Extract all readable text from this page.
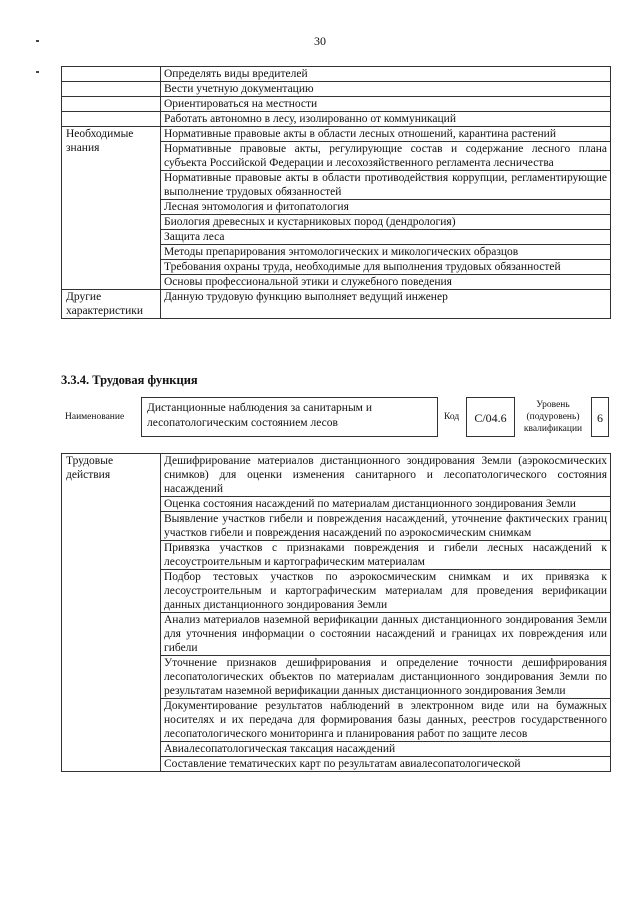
30
	Определять виды вредителей
	Вести учетную документацию
	Ориентироваться на местности
	Работать автономно в лесу, изолированно от коммуникаций
Необходимые знания	Нормативные правовые акты в области лесных отношений, карантина растений
	Нормативные правовые акты, регулирующие состав и содержание лесного плана субъекта Российской Федерации и лесохозяйственного регламента лесничества
	Нормативные правовые акты в области противодействия коррупции, регламентирующие выполнение трудовых обязанностей
	Лесная энтомология и фитопатология
	Биология древесных и кустарниковых пород (дендрология)
	Защита леса
	Методы препарирования энтомологических и микологических образцов
	Требования охраны труда, необходимые для выполнения трудовых обязанностей
	Основы профессиональной этики и служебного поведения
Другие характеристики	Данную трудовую функцию выполняет ведущий инженер
3.3.4. Трудовая функция
Наименование
Дистанционные наблюдения за санитарным и лесопатологическим состоянием лесов	Код	С/04.6
Уровень (подуровень) квалификации
6
Трудовые действия	Дешифрирование материалов дистанционного зондирования Земли (аэрокосмических снимков) для оценки изменения санитарного и лесопатологического состояния насаждений
Оценка состояния насаждений по материалам дистанционного зондирования Земли
Выявление участков гибели и повреждения насаждений, уточнение фактических границ участков гибели и повреждения насаждений по аэрокосмическим снимкам
Привязка участков с признаками повреждения и гибели лесных насаждений к лесоустроительным и картографическим материалам
Подбор тестовых участков по аэрокосмическим снимкам и их привязка к лесоустроительным и картографическим материалам для проведения верификации данных дистанционного зондирования Земли
Анализ материалов наземной верификации данных дистанционного зондирования Земли для уточнения информации о состоянии насаждений и границах их повреждения или гибели
Уточнение признаков дешифрирования и определение точности дешифрирования лесопатологических объектов по материалам дистанционного зондирования Земли по результатам наземной верификации данных дистанционного зондирования Земли
Документирование результатов наблюдений в электронном виде или на бумажных носителях и их передача для формирования базы данных, реестров государственного лесопатологического мониторинга и планирования работ по защите лесов
Авиалесопатологическая таксация насаждений
Составление тематических карт по результатам авиалесопатологической
